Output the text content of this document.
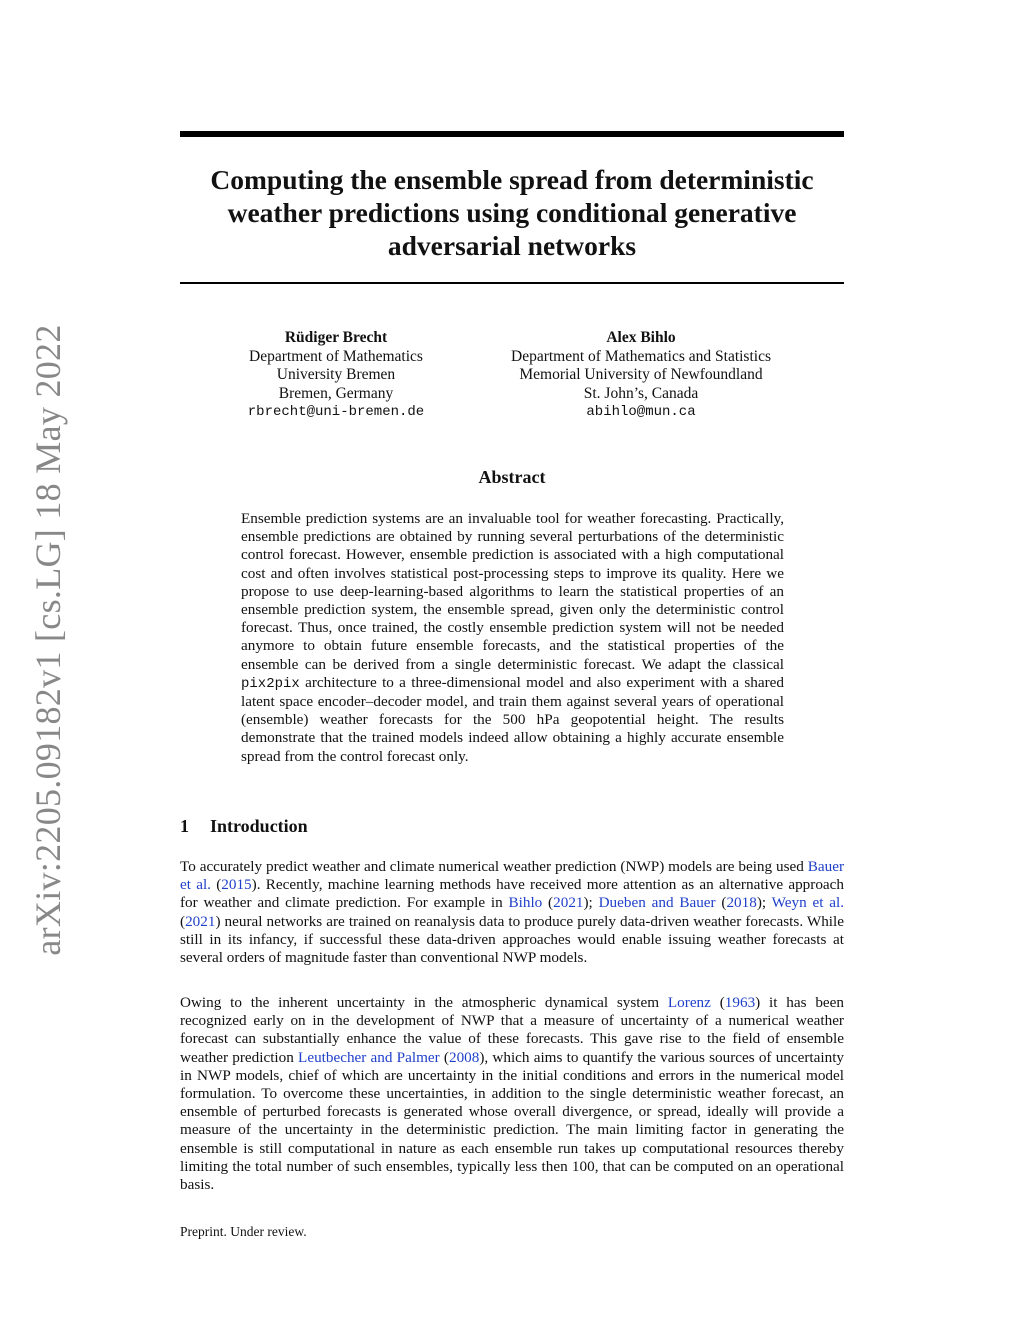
arXiv:2205.09182v1 [cs.LG] 18 May 2022
Computing the ensemble spread from deterministic weather predictions using conditional generative adversarial networks
Rüdiger Brecht
Department of Mathematics
University Bremen
Bremen, Germany
rbrecht@uni-bremen.de
Alex Bihlo
Department of Mathematics and Statistics
Memorial University of Newfoundland
St. John’s, Canada
abihlo@mun.ca
Abstract

Ensemble prediction systems are an invaluable tool for weather forecasting. Practically, ensemble predictions are obtained by running several perturbations of the deterministic control forecast. However, ensemble prediction is associated with a high computational cost and often involves statistical post-processing steps to improve its quality. Here we propose to use deep-learning-based algorithms to learn the statistical properties of an ensemble prediction system, the ensemble spread, given only the deterministic control forecast. Thus, once trained, the costly ensemble prediction system will not be needed anymore to obtain future ensemble forecasts, and the statistical properties of the ensemble can be derived from a single deterministic forecast. We adapt the classical pix2pix architecture to a three-dimensional model and also experiment with a shared latent space encoder–decoder model, and train them against several years of operational (ensemble) weather forecasts for the 500 hPa geopotential height. The results demonstrate that the trained models indeed allow obtaining a highly accurate ensemble spread from the control forecast only.

1 Introduction

To accurately predict weather and climate numerical weather prediction (NWP) models are being used Bauer et al. (2015). Recently, machine learning methods have received more attention as an alternative approach for weather and climate prediction. For example in Bihlo (2021); Dueben and Bauer (2018); Weyn et al. (2021) neural networks are trained on reanalysis data to produce purely data-driven weather forecasts. While still in its infancy, if successful these data-driven approaches would enable issuing weather forecasts at several orders of magnitude faster than conventional NWP models.

Owing to the inherent uncertainty in the atmospheric dynamical system Lorenz (1963) it has been recognized early on in the development of NWP that a measure of uncertainty of a numerical weather forecast can substantially enhance the value of these forecasts. This gave rise to the field of ensemble weather prediction Leutbecher and Palmer (2008), which aims to quantify the various sources of uncertainty in NWP models, chief of which are uncertainty in the initial conditions and errors in the numerical model formulation. To overcome these uncertainties, in addition to the single deterministic weather forecast, an ensemble of perturbed forecasts is generated whose overall divergence, or spread, ideally will provide a measure of the uncertainty in the deterministic prediction. The main limiting factor in generating the ensemble is still computational in nature as each ensemble run takes up computational resources thereby limiting the total number of such ensembles, typically less then 100, that can be computed on an operational basis.

Preprint. Under review.
